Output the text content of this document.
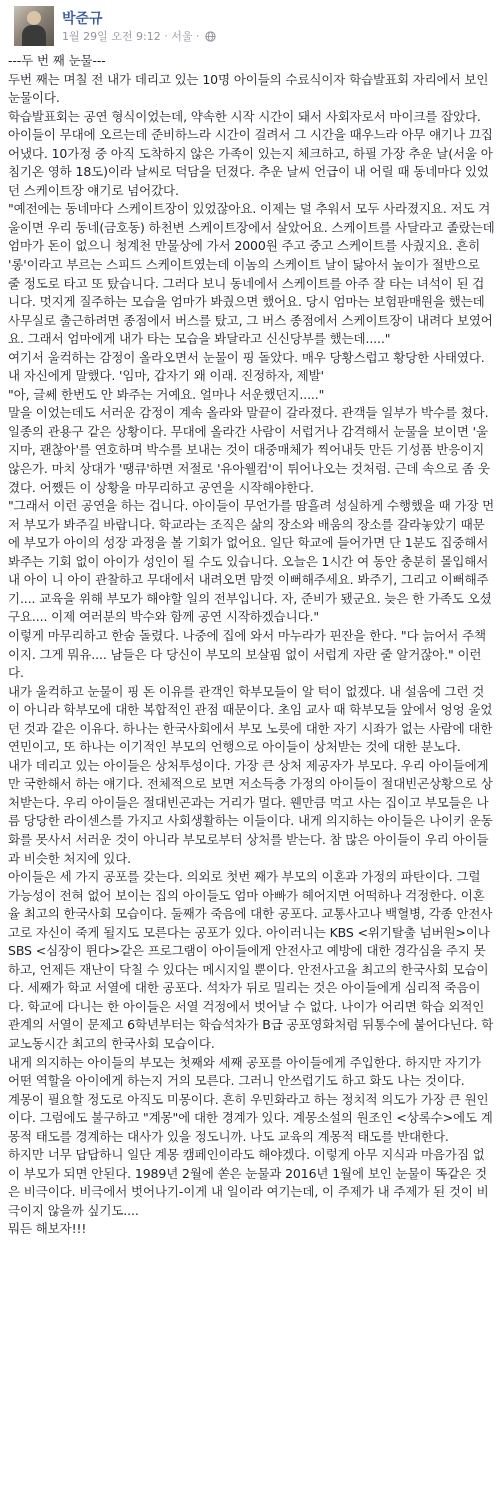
박준규
1월 29일 오전 9:12 · 서울 ·

---두 번 째 눈물---

두번 째는 며칠 전 내가 데리고 있는 10명 아이들의 수료식이자 학습발표회 자리에서 보인 눈물이다.

학습발표회는 공연 형식이었는데, 약속한 시작 시간이 돼서 사회자로서 마이크를 잡았다. 아이들이 무대에 오르는데 준비하느라 시간이 걸려서 그 시간을 때우느라 아무 얘기나 끄집어냈다. 10가정 중 아직 도착하지 않은 가족이 있는지 체크하고, 하필 가장 추운 날(서울 아침기온 영하 18도)이라 날씨로 덕담을 던졌다. 추운 날씨 언급이 내 어릴 때 동네마다 있었던 스케이트장 얘기로 넘어갔다.

"예전에는 동네마다 스케이트장이 있었잖아요. 이제는 덜 추워서 모두 사라졌지요. 저도 겨울이면 우리 동네(금호동) 하천변 스케이트장에서 살았어요. 스케이트를 사달라고 졸랐는데 엄마가 돈이 없으니 청계천 만물상에 가서 2000원 주고 중고 스케이트를 사줬지요. 흔히 '롱'이라고 부르는 스피드 스케이트였는데 이놈의 스케이트 날이 닳아서 높이가 절반으로 줄 정도로 타고 또 탔습니다. 그러다 보니 동네에서 스케이트를 아주 잘 타는 녀석이 된 겁니다. 멋지게 질주하는 모습을 엄마가 봐줬으면 했어요. 당시 엄마는 보험판매원을 했는데 사무실로 출근하려면 종점에서 버스를 탔고, 그 버스 종점에서 스케이트장이 내려다 보였어요. 그래서 엄마에게 내가 타는 모습을 봐달라고 신신당부를 했는데....."

여기서 울컥하는 감정이 올라오면서 눈물이 핑 돌았다. 매우 당황스럽고 황당한 사태였다. 내 자신에게 말했다. '임마, 갑자기 왜 이래. 진정하자, 제발'

"아, 글쎄 한번도 안 봐주는 거예요. 얼마나 서운했던지....."

말을 이었는데도 서러운 감정이 계속 올라와 말끝이 갈라졌다. 관객들 일부가 박수를 쳤다. 일종의 관용구 같은 상황이다. 무대에 올라간 사람이 서럽거나 감격해서 눈물을 보이면 '울지마, 괜찮아'를 연호하며 박수를 보내는 것이 대중매체가 찍어내듯 만든 기성품 반응이지 않은가. 마치 상대가 '땡큐'하면 저절로 '유아웰컴'이 튀어나오는 것처럼. 근데 속으로 좀 웃겼다. 어쨌든 이 상황을 마무리하고 공연을 시작해야한다.

"그래서 이런 공연을 하는 겁니다. 아이들이 무언가를 땀흘려 성실하게 수행했을 때 가장 먼저 부모가 봐주길 바랍니다. 학교라는 조직은 삶의 장소와 배움의 장소를 갈라놓았기 때문에 부모가 아이의 성장 과정을 볼 기회가 없어요. 일단 학교에 들어가면 단 1분도 집중해서 봐주는 기회 없이 아이가 성인이 될 수도 있습니다. 오늘은 1시간 여 동안 충분히 몰입해서 내 아이 니 아이 관찰하고 무대에서 내려오면 맘껏 이뻐해주세요. 봐주기, 그리고 이뻐해주기.... 교육을 위해 부모가 해야할 일의 전부입니다. 자, 준비가 됐군요. 늦은 한 가족도 오셨구요.... 이제 여러분의 박수와 함께 공연 시작하겠습니다."

이렇게 마무리하고 한숨 돌렸다. 나중에 집에 와서 마누라가 핀잔을 한다. "다 늙어서 주책이지. 그게 뭐유.... 남들은 다 당신이 부모의 보살핌 없이 서럽게 자란 줄 알거잖아." 이런다.

내가 울컥하고 눈물이 핑 돈 이유를 관객인 학부모들이 알 턱이 없겠다. 내 설움에 그런 것이 아니라 학부모에 대한 복합적인 관점 때문이다. 초임 교사 때 학부모들 앞에서 엉엉 울었던 것과 같은 이유다. 하나는 한국사회에서 부모 노릇에 대한 자기 시좌가 없는 사람에 대한 연민이고, 또 하나는 이기적인 부모의 언행으로 아이들이 상처받는 것에 대한 분노다.

내가 데리고 있는 아이들은 상처투성이다. 가장 큰 상처 제공자가 부모다. 우리 아이들에게만 국한해서 하는 얘기다. 전체적으로 보면 저소득층 가정의 아이들이 절대빈곤상황으로 상처받는다. 우리 아이들은 절대빈곤과는 거리가 멀다. 웬만큼 먹고 사는 집이고 부모들은 나름 당당한 라이센스를 가지고 사회생활하는 이들이다. 내게 의지하는 아이들은 나이키 운동화를 못사서 서러운 것이 아니라 부모로부터 상처를 받는다. 참 많은 아이들이 우리 아이들과 비슷한 처지에 있다.

아이들은 세 가지 공포를 갖는다. 의외로 첫번 째가 부모의 이혼과 가정의 파탄이다. 그럴 가능성이 전혀 없어 보이는 집의 아이들도 엄마 아빠가 헤어지면 어떡하나 걱정한다. 이혼율 최고의 한국사회 모습이다. 둘째가 죽음에 대한 공포다. 교통사고나 백혈병, 각종 안전사고로 자신이 죽게 될지도 모른다는 공포가 있다. 아이러니는 KBS <위기탈출 넘버원>이나 SBS <심장이 뛴다>같은 프로그램이 아이들에게 안전사고 예방에 대한 경각심을 주지 못하고, 언제든 재난이 닥칠 수 있다는 메시지일 뿐이다. 안전사고율 최고의 한국사회 모습이다. 세째가 학교 서열에 대한 공포다. 석차가 뒤로 밀리는 것은 아이들에게 심리적 죽음이다. 학교에 다니는 한 아이들은 서열 걱정에서 벗어날 수 없다. 나이가 어리면 학습 외적인 관계의 서열이 문제고 6학년부터는 학습석차가 B급 공포영화처럼 뒤통수에 붙어다닌다. 학교노동시간 최고의 한국사회 모습이다.

내게 의지하는 아이들의 부모는 첫째와 세째 공포를 아이들에게 주입한다. 하지만 자기가 어떤 역할을 아이에게 하는지 거의 모른다. 그러니 안쓰럽기도 하고 화도 나는 것이다.

계몽이 필요할 정도로 아직도 미몽이다. 흔히 우민화라고 하는 정치적 의도가 가장 큰 원인이다. 그럼에도 불구하고 "계몽"에 대한 경계가 있다. 계몽소설의 원조인 <상록수>에도 계몽적 태도를 경계하는 대사가 있을 정도니까. 나도 교육의 계몽적 태도를 반대한다.

하지만 너무 답답하니 일단 계몽 캠페인이라도 해야겠다. 이렇게 아무 지식과 마음가짐 없이 부모가 되면 안된다. 1989년 2월에 쏟은 눈물과 2016년 1월에 보인 눈물이 똑같은 것은 비극이다. 비극에서 벗어나기-이게 내 일이라 여기는데, 이 주제가 내 주제가 된 것이 비극이지 않을까 싶기도....

뭐든 해보자!!!
